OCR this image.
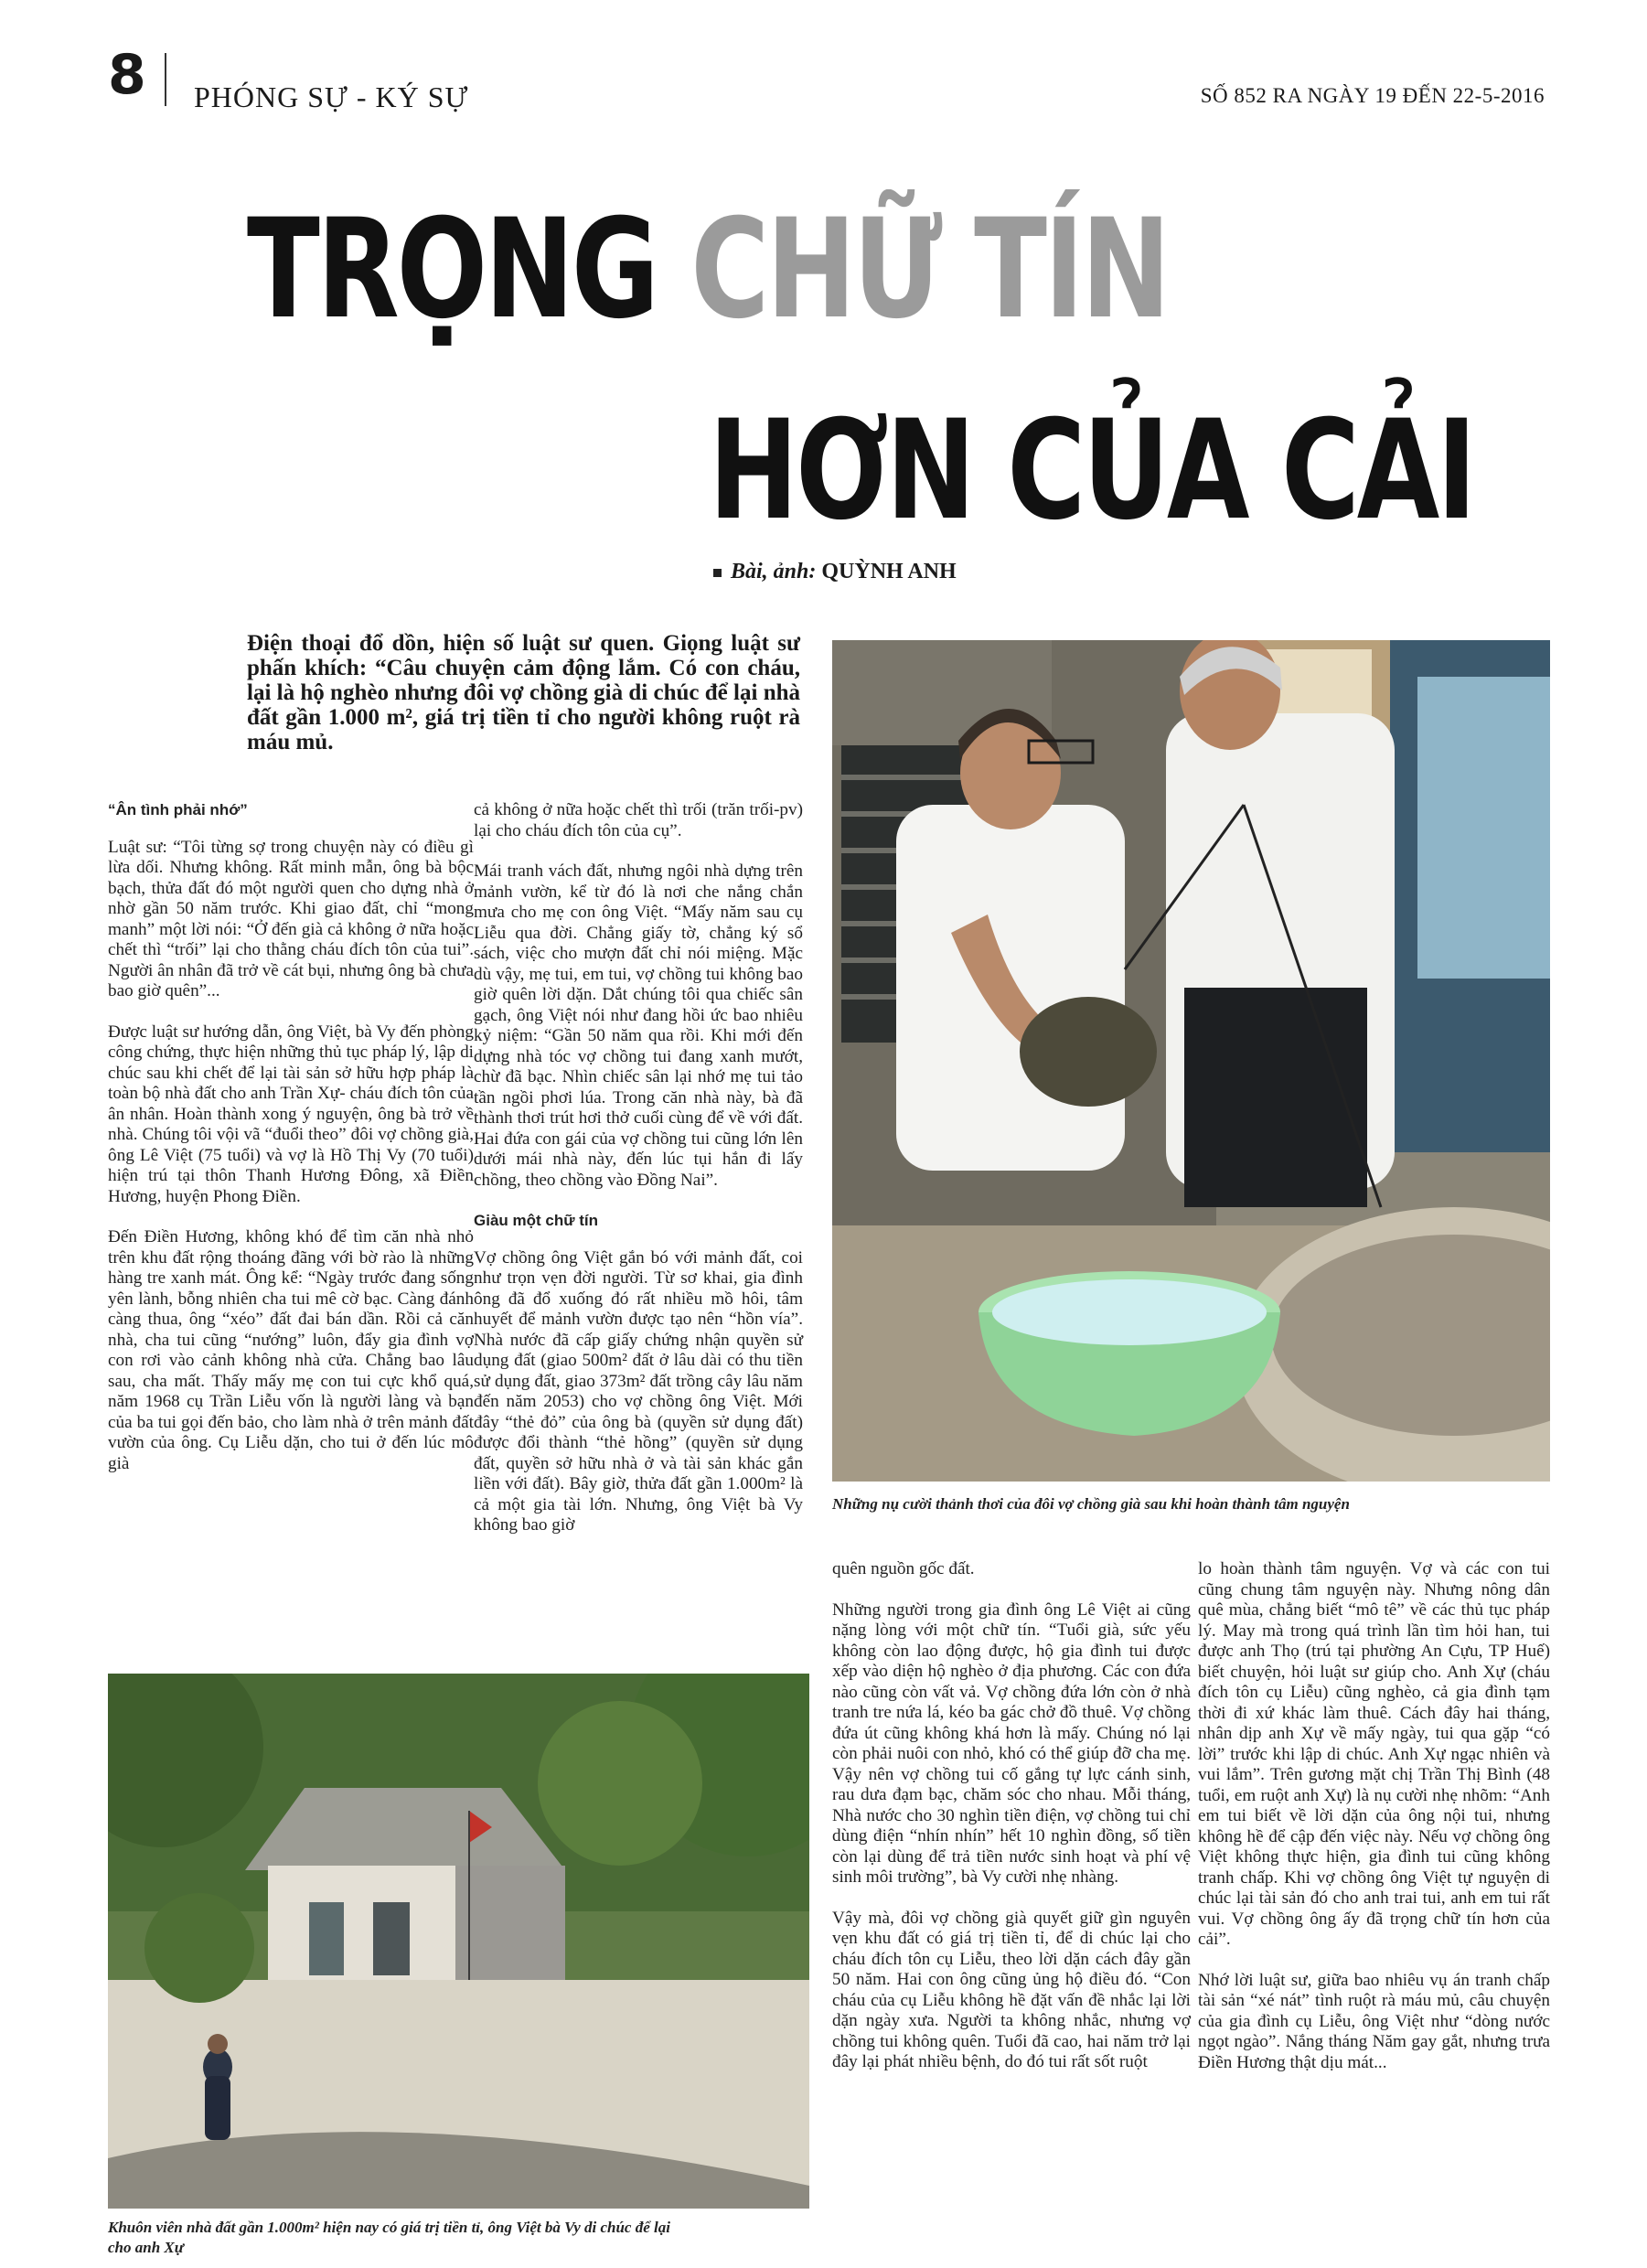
8 PHÓNG SỰ - KÝ SỰ	SỐ 852 RA NGÀY 19 ĐẾN 22-5-2016
TRỌNG CHỮ TÍN
HƠN CỦA CẢI
Bài, ảnh: QUỲNH ANH
Điện thoại đổ dồn, hiện số luật sư quen. Giọng luật sư phấn khích: “Câu chuyện cảm động lắm. Có con cháu, lại là hộ nghèo nhưng đôi vợ chồng già di chúc để lại nhà đất gần 1.000 m², giá trị tiền tỉ cho người không ruột rà máu mủ.
Những nụ cười thảnh thơi của đôi vợ chồng già sau khi hoàn thành tâm nguyện
“Ân tình phải nhớ”

Luật sư: “Tôi từng sợ trong chuyện này có điều gì lừa dối. Nhưng không. Rất minh mẫn, ông bà bộc bạch, thửa đất đó một người quen cho dựng nhà ở nhờ gần 50 năm trước. Khi giao đất, chỉ “mong manh” một lời nói: “Ở đến già cả không ở nữa hoặc chết thì “trối” lại cho thằng cháu đích tôn của tui”. Người ân nhân đã trở về cát bụi, nhưng ông bà chưa bao giờ quên”...

Được luật sư hướng dẫn, ông Việt, bà Vy đến phòng công chứng, thực hiện những thủ tục pháp lý, lập di chúc sau khi chết để lại tài sản sở hữu hợp pháp là toàn bộ nhà đất cho anh Trần Xự- cháu đích tôn của ân nhân. Hoàn thành xong ý nguyện, ông bà trở về nhà. Chúng tôi vội vã “đuổi theo” đôi vợ chồng già, ông Lê Việt (75 tuổi) và vợ là Hồ Thị Vy (70 tuổi) hiện trú tại thôn Thanh Hương Đông, xã Điền Hương, huyện Phong Điền.

Đến Điền Hương, không khó để tìm căn nhà nhỏ trên khu đất rộng thoáng đãng với bờ rào là những hàng tre xanh mát. Ông kể: “Ngày trước đang sống yên lành, bỗng nhiên cha tui mê cờ bạc. Càng đánh càng thua, ông “xéo” đất đai bán dần. Rồi cả căn nhà, cha tui cũng “nướng” luôn, đẩy gia đình vợ con rơi vào cảnh không nhà cửa. Chẳng bao lâu sau, cha mất. Thấy mấy mẹ con tui cực khổ quá, năm 1968 cụ Trần Liễu vốn là người làng và bạn của ba tui gọi đến bảo, cho làm nhà ở trên mảnh đất vườn của ông. Cụ Liễu dặn, cho tui ở đến lúc mô già

cả không ở nữa hoặc chết thì trối (trăn trối-pv) lại cho cháu đích tôn của cụ”.

Mái tranh vách đất, nhưng ngôi nhà dựng trên mảnh vườn, kể từ đó là nơi che nắng chắn mưa cho mẹ con ông Việt. “Mấy năm sau cụ Liễu qua đời. Chẳng giấy tờ, chẳng ký sổ sách, việc cho mượn đất chỉ nói miệng. Mặc dù vậy, mẹ tui, em tui, vợ chồng tui không bao giờ quên lời dặn. Dắt chúng tôi qua chiếc sân gạch, ông Việt nói như đang hồi ức bao nhiêu kỷ niệm: “Gần 50 năm qua rồi. Khi mới đến dựng nhà tóc vợ chồng tui đang xanh mướt, chừ đã bạc. Nhìn chiếc sân lại nhớ mẹ tui tảo tần ngồi phơi lúa. Trong căn nhà này, bà đã thành thơi trút hơi thở cuối cùng để về với đất. Hai đứa con gái của vợ chồng tui cũng lớn lên dưới mái nhà này, đến lúc tụi hắn đi lấy chồng, theo chồng vào Đồng Nai”.

Giàu một chữ tín

Vợ chồng ông Việt gắn bó với mảnh đất, coi như trọn vẹn đời người. Từ sơ khai, gia đình ông đã đổ xuống đó rất nhiều mồ hôi, tâm huyết để mảnh vườn được tạo nên “hồn vía”. Nhà nước đã cấp giấy chứng nhận quyền sử dụng đất (giao 500m² đất ở lâu dài có thu tiền sử dụng đất, giao 373m² đất trồng cây lâu năm đến năm 2053) cho vợ chồng ông Việt. Mới đây “thẻ đỏ” của ông bà (quyền sử dụng đất) được đổi thành “thẻ hồng” (quyền sử dụng đất, quyền sở hữu nhà ở và tài sản khác gắn liền với đất). Bây giờ, thửa đất gần 1.000m² là cả một gia tài lớn. Nhưng, ông Việt bà Vy không bao giờ

Khuôn viên nhà đất gần 1.000m² hiện nay có giá trị tiền tỉ, ông Việt bà Vy di chúc để lại cho anh Xự

quên nguồn gốc đất.

Những người trong gia đình ông Lê Việt ai cũng nặng lòng với một chữ tín. “Tuổi già, sức yếu không còn lao động được, hộ gia đình tui được xếp vào diện hộ nghèo ở địa phương. Các con đứa nào cũng còn vất vả. Vợ chồng đứa lớn còn ở nhà tranh tre nứa lá, kéo ba gác chở đồ thuê. Vợ chồng đứa út cũng không khá hơn là mấy. Chúng nó lại còn phải nuôi con nhỏ, khó có thể giúp đỡ cha mẹ. Vậy nên vợ chồng tui cố gắng tự lực cánh sinh, rau dưa đạm bạc, chăm sóc cho nhau. Mỗi tháng, Nhà nước cho 30 nghìn tiền điện, vợ chồng tui chỉ dùng điện “nhín nhín” hết 10 nghìn đồng, số tiền còn lại dùng để trả tiền nước sinh hoạt và phí vệ sinh môi trường”, bà Vy cười nhẹ nhàng.

Vậy mà, đôi vợ chồng già quyết giữ gìn nguyên vẹn khu đất có giá trị tiền tỉ, để di chúc lại cho cháu đích tôn cụ Liễu, theo lời dặn cách đây gần 50 năm. Hai con ông cũng ủng hộ điều đó. “Con cháu của cụ Liễu không hề đặt vấn đề nhắc lại lời dặn ngày xưa. Người ta không nhắc, nhưng vợ chồng tui không quên. Tuổi đã cao, hai năm trở lại đây lại phát nhiều bệnh, do đó tui rất sốt ruột

lo hoàn thành tâm nguyện. Vợ và các con tui cũng chung tâm nguyện này. Nhưng nông dân quê mùa, chẳng biết “mô tê” về các thủ tục pháp lý. May mà trong quá trình lần tìm hỏi han, tui được anh Thọ (trú tại phường An Cựu, TP Huế) biết chuyện, hỏi luật sư giúp cho. Anh Xự (cháu đích tôn cụ Liễu) cũng nghèo, cả gia đình tạm thời đi xứ khác làm thuê. Cách đây hai tháng, nhân dịp anh Xự về mấy ngày, tui qua gặp “có lời” trước khi lập di chúc. Anh Xự ngạc nhiên và vui lắm”. Trên gương mặt chị Trần Thị Bình (48 tuổi, em ruột anh Xự) là nụ cười nhẹ nhõm: “Anh em tui biết về lời dặn của ông nội tui, nhưng không hề để cập đến việc này. Nếu vợ chồng ông Việt không thực hiện, gia đình tui cũng không tranh chấp. Khi vợ chồng ông Việt tự nguyện di chúc lại tài sản đó cho anh trai tui, anh em tui rất vui. Vợ chồng ông ấy đã trọng chữ tín hơn của cải”.

Nhớ lời luật sư, giữa bao nhiêu vụ án tranh chấp tài sản “xé nát” tình ruột rà máu mủ, câu chuyện của gia đình cụ Liễu, ông Việt như “dòng nước ngọt ngào”. Nắng tháng Năm gay gắt, nhưng trưa Điền Hương thật dịu mát...
